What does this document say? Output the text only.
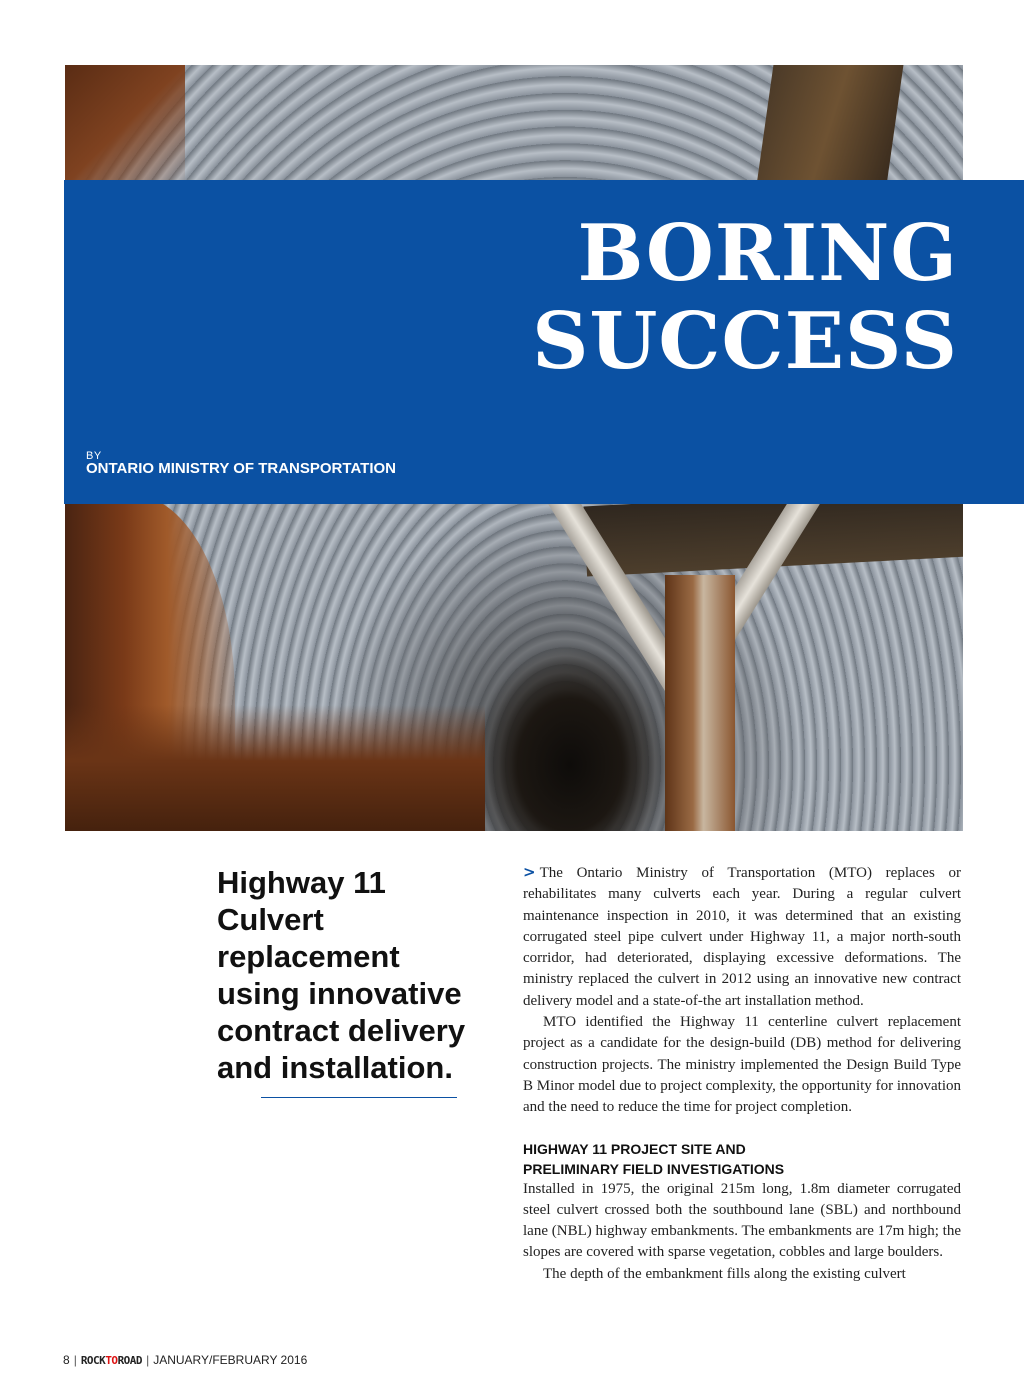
BORING
SUCCESS
BY
ONTARIO MINISTRY OF TRANSPORTATION
Highway 11 Culvert replacement using innovative contract delivery and installation.

> The Ontario Ministry of Transportation (MTO) replaces or rehabilitates many culverts each year. During a regular culvert maintenance inspection in 2010, it was determined that an existing corrugated steel pipe culvert under Highway 11, a major north-south corridor, had deteriorated, displaying excessive deformations. The ministry replaced the culvert in 2012 using an innovative new contract delivery model and a state-of-the art installation method.

MTO identified the Highway 11 centerline culvert replacement project as a candidate for the design-build (DB) method for delivering construction projects. The ministry implemented the Design Build Type B Minor model due to project complexity, the opportunity for innovation and the need to reduce the time for project completion.

HIGHWAY 11 PROJECT SITE AND
PRELIMINARY FIELD INVESTIGATIONS

Installed in 1975, the original 215m long, 1.8m diameter corrugated steel culvert crossed both the southbound lane (SBL) and northbound lane (NBL) highway embankments. The embankments are 17m high; the slopes are covered with sparse vegetation, cobbles and large boulders.

The depth of the embankment fills along the existing culvert

8 | ROCKTOROAD | JANUARY/FEBRUARY 2016
